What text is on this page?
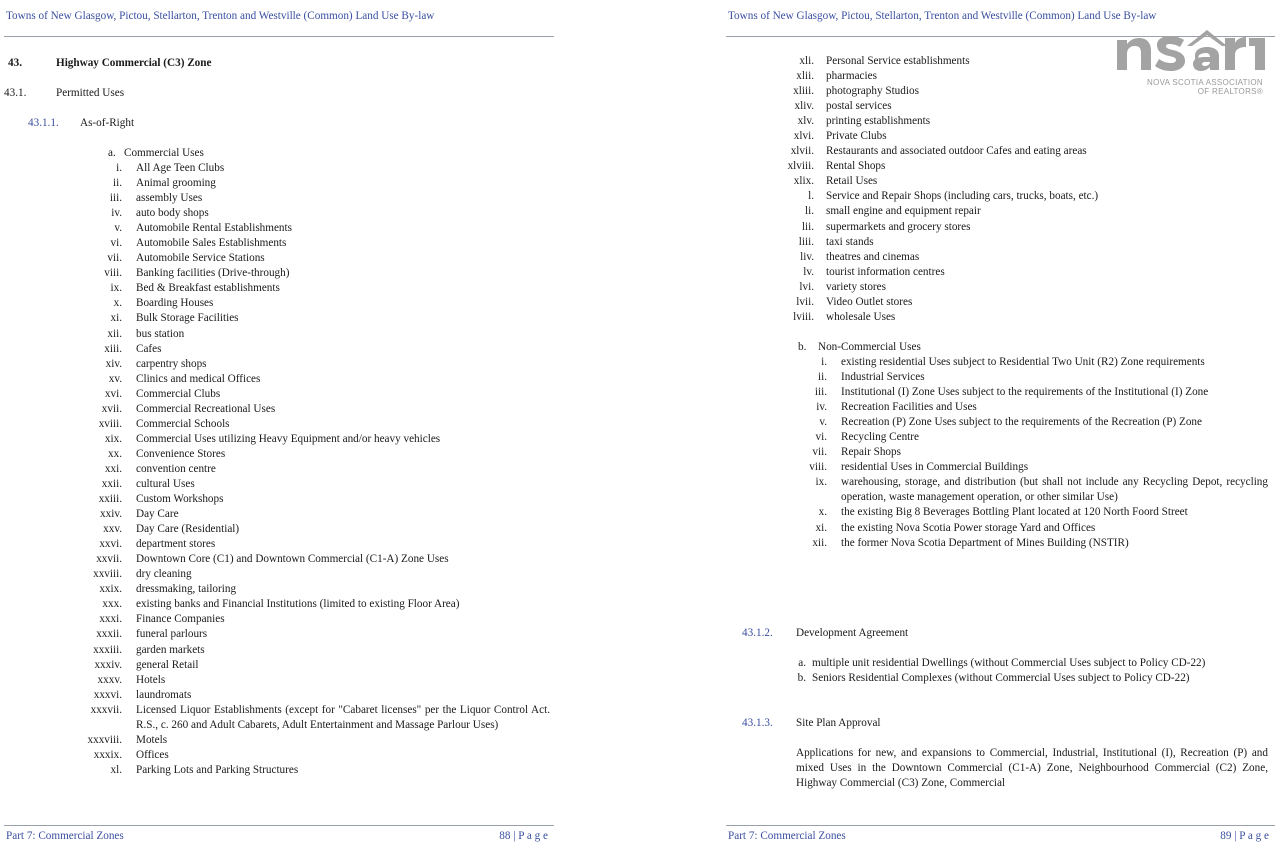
Towns of New Glasgow, Pictou, Stellarton, Trenton and Westville (Common) Land Use By-law
43.	Highway Commercial (C3) Zone
43.1.	Permitted Uses
43.1.1. As-of-Right
a. Commercial Uses
i.	All Age Teen Clubs
ii.	Animal grooming
iii.	assembly Uses
iv.	auto body shops
v.	Automobile Rental Establishments
vi.	Automobile Sales Establishments
vii.	Automobile Service Stations
viii.	Banking facilities (Drive-through)
ix.	Bed & Breakfast establishments
x.	Boarding Houses
xi.	Bulk Storage Facilities
xii.	bus station
xiii.	Cafes
xiv.	carpentry shops
xv.	Clinics and medical Offices
xvi.	Commercial Clubs
xvii.	Commercial Recreational Uses
xviii.	Commercial Schools
xix.	Commercial Uses utilizing Heavy Equipment and/or heavy vehicles
xx.	Convenience Stores
xxi.	convention centre
xxii.	cultural Uses
xxiii.	Custom Workshops
xxiv.	Day Care
xxv.	Day Care (Residential)
xxvi.	department stores
xxvii.	Downtown Core (C1) and Downtown Commercial (C1-A) Zone Uses
xxviii.	dry cleaning
xxix.	dressmaking, tailoring
xxx.	existing banks and Financial Institutions (limited to existing Floor Area)
xxxi.	Finance Companies
xxxii.	funeral parlours
xxxiii.	garden markets
xxxiv.	general Retail
xxxv.	Hotels
xxxvi.	laundromats
xxxvii.	Licensed Liquor Establishments (except for "Cabaret licenses" per the Liquor Control Act. R.S., c. 260 and Adult Cabarets, Adult Entertainment and Massage Parlour Uses)
xxxviii.	Motels
xxxix.	Offices
xl.	Parking Lots and Parking Structures
Part 7: Commercial Zones	88 | P a g e
Towns of New Glasgow, Pictou, Stellarton, Trenton and Westville (Common) Land Use By-law
NOVA SCOTIA ASSOCIATION
OF REALTORS®
xli.	Personal Service establishments
xlii.	pharmacies
xliii.	photography Studios
xliv.	postal services
xlv.	printing establishments
xlvi.	Private Clubs
xlvii.	Restaurants and associated outdoor Cafes and eating areas
xlviii.	Rental Shops
xlix.	Retail Uses
l.	Service and Repair Shops (including cars, trucks, boats, etc.)
li.	small engine and equipment repair
lii.	supermarkets and grocery stores
liii.	taxi stands
liv.	theatres and cinemas
lv.	tourist information centres
lvi.	variety stores
lvii.	Video Outlet stores
lviii.	wholesale Uses
b. Non-Commercial Uses
i.	existing residential Uses subject to Residential Two Unit (R2) Zone requirements
ii.	Industrial Services
iii.	Institutional (I) Zone Uses subject to the requirements of the Institutional (I) Zone
iv.	Recreation Facilities and Uses
v.	Recreation (P) Zone Uses subject to the requirements of the Recreation (P) Zone
vi.	Recycling Centre
vii.	Repair Shops
viii.	residential Uses in Commercial Buildings
ix.	warehousing, storage, and distribution (but shall not include any Recycling Depot, recycling operation, waste management operation, or other similar Use)
x.	the existing Big 8 Beverages Bottling Plant located at 120 North Foord Street
xi.	the existing Nova Scotia Power storage Yard and Offices
xii.	the former Nova Scotia Department of Mines Building (NSTIR)
43.1.2. Development Agreement
a. multiple unit residential Dwellings (without Commercial Uses subject to Policy CD-22)
b. Seniors Residential Complexes (without Commercial Uses subject to Policy CD-22)
43.1.3. Site Plan Approval
Applications for new, and expansions to Commercial, Industrial, Institutional (I), Recreation (P) and mixed Uses in the Downtown Commercial (C1-A) Zone, Neighbourhood Commercial (C2) Zone, Highway Commercial (C3) Zone, Commercial
Part 7: Commercial Zones	89 | P a g e
